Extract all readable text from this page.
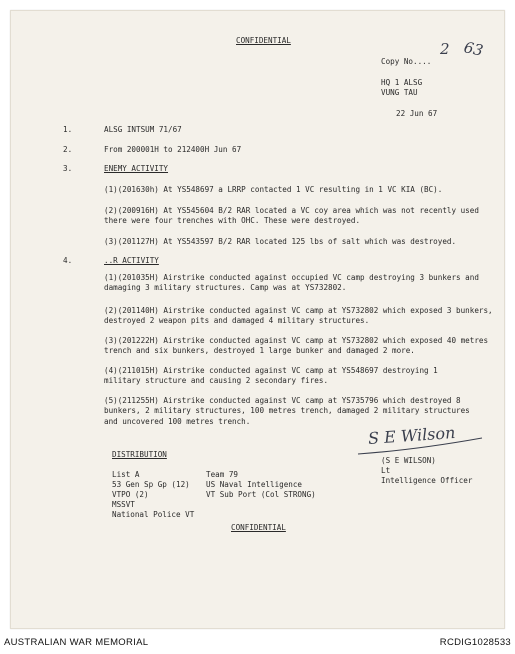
CONFIDENTIAL
Copy No....
2 63
HQ 1 ALSG
VUNG TAU
22 Jun 67
1.	ALSG INTSUM 71/67
2.	From 200001H to 212400H Jun 67
3.	ENEMY ACTIVITY
(1)(201630h) At YS548697 a LRRP contacted 1 VC resulting in 1 VC KIA (BC).
(2)(200916H) At YS545604 B/2 RAR located a VC coy area which was not recently used there were four trenches with OHC. These were destroyed.
(3)(201127H) At YS543597 B/2 RAR located 125 lbs of salt which was destroyed.
4.	..R ACTIVITY
(1)(201035H) Airstrike conducted against occupied VC camp destroying 3 bunkers and damaging 3 military structures. Camp was at YS732802.
(2)(201140H) Airstrike conducted against VC camp at YS732802 which exposed 3 bunkers, destroyed 2 weapon pits and damaged 4 military structures.
(3)(201222H) Airstrike conducted against VC camp at YS732802 which exposed 40 metres trench and six bunkers, destroyed 1 large bunker and damaged 2 more.
(4)(211015H) Airstrike conducted against VC camp at YS548697 destroying 1 military structure and causing 2 secondary fires.
(5)(211255H) Airstrike conducted against VC camp at YS735796 which destroyed 8 bunkers, 2 military structures, 100 metres trench, damaged 2 military structures and uncovered 100 metres trench.
S E Wilson
(S E WILSON)
Lt
Intelligence Officer
DISTRIBUTION
List A
53 Gen Sp Gp (12)
VTPO (2)
MSSVT
National Police VT
Team 79
US Naval Intelligence
VT Sub Port (Col STRONG)
CONFIDENTIAL
AUSTRALIAN WAR MEMORIAL	RCDIG1028533
